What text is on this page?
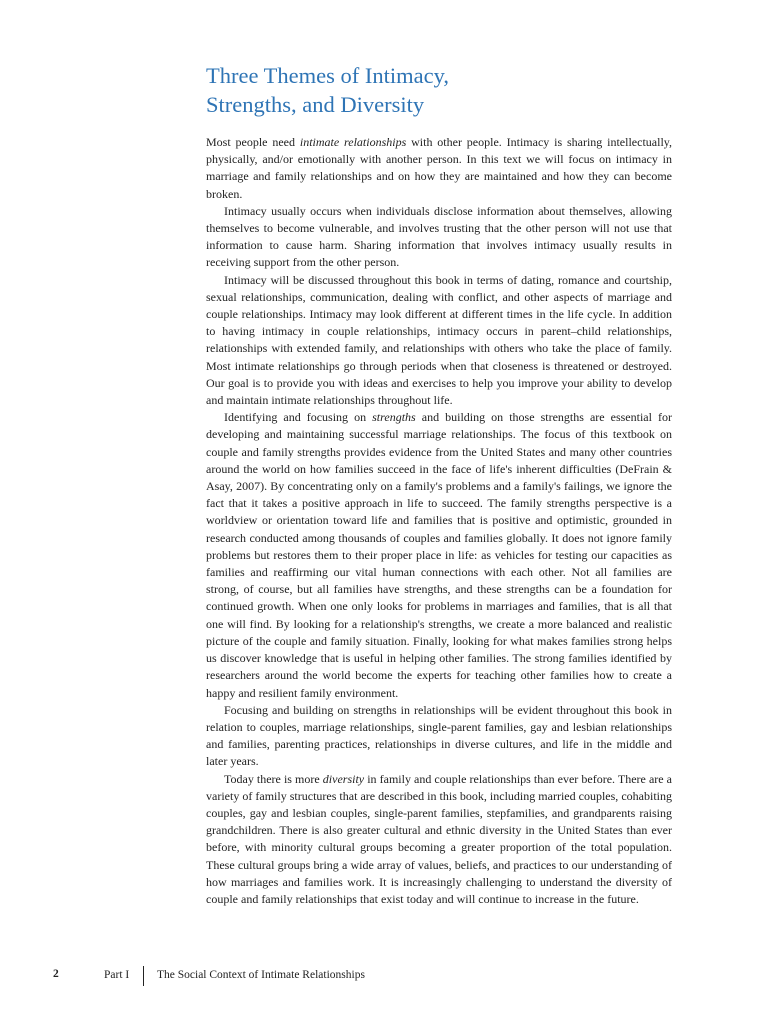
Three Themes of Intimacy,
Strengths, and Diversity

Most people need intimate relationships with other people. Intimacy is sharing intellectually, physically, and/or emotionally with another person. In this text we will focus on intimacy in marriage and family relationships and on how they are maintained and how they can become broken.

Intimacy usually occurs when individuals disclose information about themselves, allowing themselves to become vulnerable, and involves trusting that the other person will not use that information to cause harm. Sharing information that involves intimacy usually results in receiving support from the other person.

Intimacy will be discussed throughout this book in terms of dating, romance and courtship, sexual relationships, communication, dealing with conflict, and other aspects of marriage and couple relationships. Intimacy may look different at different times in the life cycle. In addition to having intimacy in couple relationships, intimacy occurs in parent–child relationships, relationships with extended family, and relationships with others who take the place of family. Most intimate relationships go through periods when that closeness is threatened or destroyed. Our goal is to provide you with ideas and exercises to help you improve your ability to develop and maintain intimate relationships throughout life.

Identifying and focusing on strengths and building on those strengths are essential for developing and maintaining successful marriage relationships. The focus of this textbook on couple and family strengths provides evidence from the United States and many other countries around the world on how families succeed in the face of life's inherent difficulties (DeFrain & Asay, 2007). By concentrating only on a family's problems and a family's failings, we ignore the fact that it takes a positive approach in life to succeed. The family strengths perspective is a worldview or orientation toward life and families that is positive and optimistic, grounded in research conducted among thousands of couples and families globally. It does not ignore family problems but restores them to their proper place in life: as vehicles for testing our capacities as families and reaffirming our vital human connections with each other. Not all families are strong, of course, but all families have strengths, and these strengths can be a foundation for continued growth. When one only looks for problems in marriages and families, that is all that one will find. By looking for a relationship's strengths, we create a more balanced and realistic picture of the couple and family situation. Finally, looking for what makes families strong helps us discover knowledge that is useful in helping other families. The strong families identified by researchers around the world become the experts for teaching other families how to create a happy and resilient family environment.

Focusing and building on strengths in relationships will be evident throughout this book in relation to couples, marriage relationships, single-parent families, gay and lesbian relationships and families, parenting practices, relationships in diverse cultures, and life in the middle and later years.

Today there is more diversity in family and couple relationships than ever before. There are a variety of family structures that are described in this book, including married couples, cohabiting couples, gay and lesbian couples, single-parent families, stepfamilies, and grandparents raising grandchildren. There is also greater cultural and ethnic diversity in the United States than ever before, with minority cultural groups becoming a greater proportion of the total population. These cultural groups bring a wide array of values, beliefs, and practices to our understanding of how marriages and families work. It is increasingly challenging to understand the diversity of couple and family relationships that exist today and will continue to increase in the future.

2	Part I The Social Context of Intimate Relationships
